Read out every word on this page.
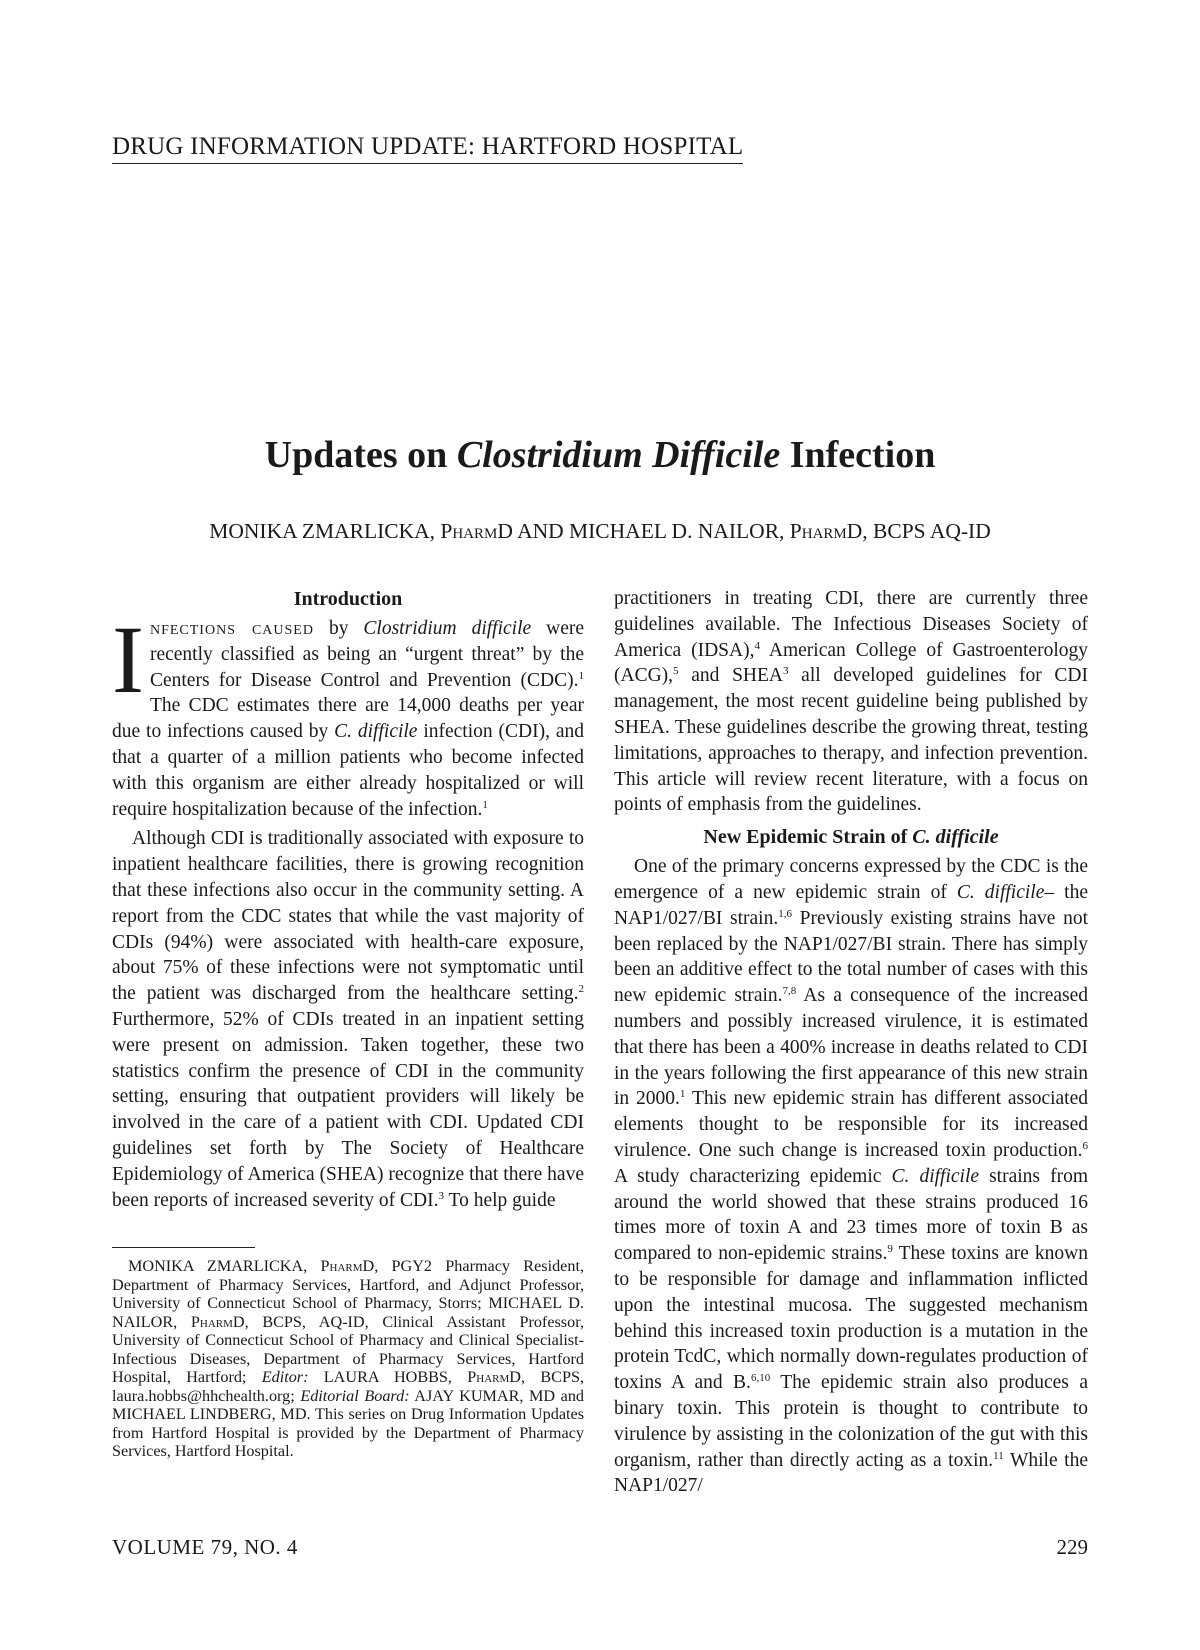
DRUG INFORMATION UPDATE: HARTFORD HOSPITAL
Updates on Clostridium Difficile Infection
MONIKA ZMARLICKA, PharmD AND MICHAEL D. NAILOR, PharmD, BCPS AQ-ID
Introduction

Infections caused by Clostridium difficile were recently classified as being an “urgent threat” by the Centers for Disease Control and Prevention (CDC).$^1$ The CDC estimates there are 14,000 deaths per year due to infections caused by C. difficile infection (CDI), and that a quarter of a million patients who become infected with this organism are either already hospitalized or will require hospitalization because of the infection.$^1$

Although CDI is traditionally associated with exposure to inpatient healthcare facilities, there is growing recognition that these infections also occur in the community setting. A report from the CDC states that while the vast majority of CDIs (94%) were associated with health-care exposure, about 75% of these infections were not symptomatic until the patient was discharged from the healthcare setting.$^2$ Furthermore, 52% of CDIs treated in an inpatient setting were present on admission. Taken together, these two statistics confirm the presence of CDI in the community setting, ensuring that outpatient providers will likely be involved in the care of a patient with CDI. Updated CDI guidelines set forth by The Society of Healthcare Epidemiology of America (SHEA) recognize that there have been reports of increased severity of CDI.$^3$ To help guide

practitioners in treating CDI, there are currently three guidelines available. The Infectious Diseases Society of America (IDSA),$^4$ American College of Gastroenterology (ACG),$^5$ and SHEA$^3$ all developed guidelines for CDI management, the most recent guideline being published by SHEA. These guidelines describe the growing threat, testing limitations, approaches to therapy, and infection prevention. This article will review recent literature, with a focus on points of emphasis from the guidelines.

New Epidemic Strain of C. difficile

One of the primary concerns expressed by the CDC is the emergence of a new epidemic strain of C. difficile– the NAP1/027/BI strain.$^{1,6}$ Previously existing strains have not been replaced by the NAP1/027/BI strain. There has simply been an additive effect to the total number of cases with this new epidemic strain.$^{7,8}$ As a consequence of the increased numbers and possibly increased virulence, it is estimated that there has been a 400% increase in deaths related to CDI in the years following the first appearance of this new strain in 2000.$^1$ This new epidemic strain has different associated elements thought to be responsible for its increased virulence. One such change is increased toxin production.$^6$ A study characterizing epidemic C. difficile strains from around the world showed that these strains produced 16 times more of toxin A and 23 times more of toxin B as compared to non-epidemic strains.$^9$ These toxins are known to be responsible for damage and inflammation inflicted upon the intestinal mucosa. The suggested mechanism behind this increased toxin production is a mutation in the protein TcdC, which normally down-regulates production of toxins A and B.$^{6,10}$ The epidemic strain also produces a binary toxin. This protein is thought to contribute to virulence by assisting in the colonization of the gut with this organism, rather than directly acting as a toxin.$^{11}$ While the NAP1/027/

MONIKA ZMARLICKA, PharmD, PGY2 Pharmacy Resident, Department of Pharmacy Services, Hartford, and Adjunct Professor, University of Connecticut School of Pharmacy, Storrs; MICHAEL D. NAILOR, PharmD, BCPS, AQ-ID, Clinical Assistant Professor, University of Connecticut School of Pharmacy and Clinical Specialist-Infectious Diseases, Department of Pharmacy Services, Hartford Hospital, Hartford; Editor: LAURA HOBBS, PharmD, BCPS, laura.hobbs@hhchealth.org; Editorial Board: AJAY KUMAR, MD and MICHAEL LINDBERG, MD. This series on Drug Information Updates from Hartford Hospital is provided by the Department of Pharmacy Services, Hartford Hospital.
VOLUME 79, NO. 4	229
